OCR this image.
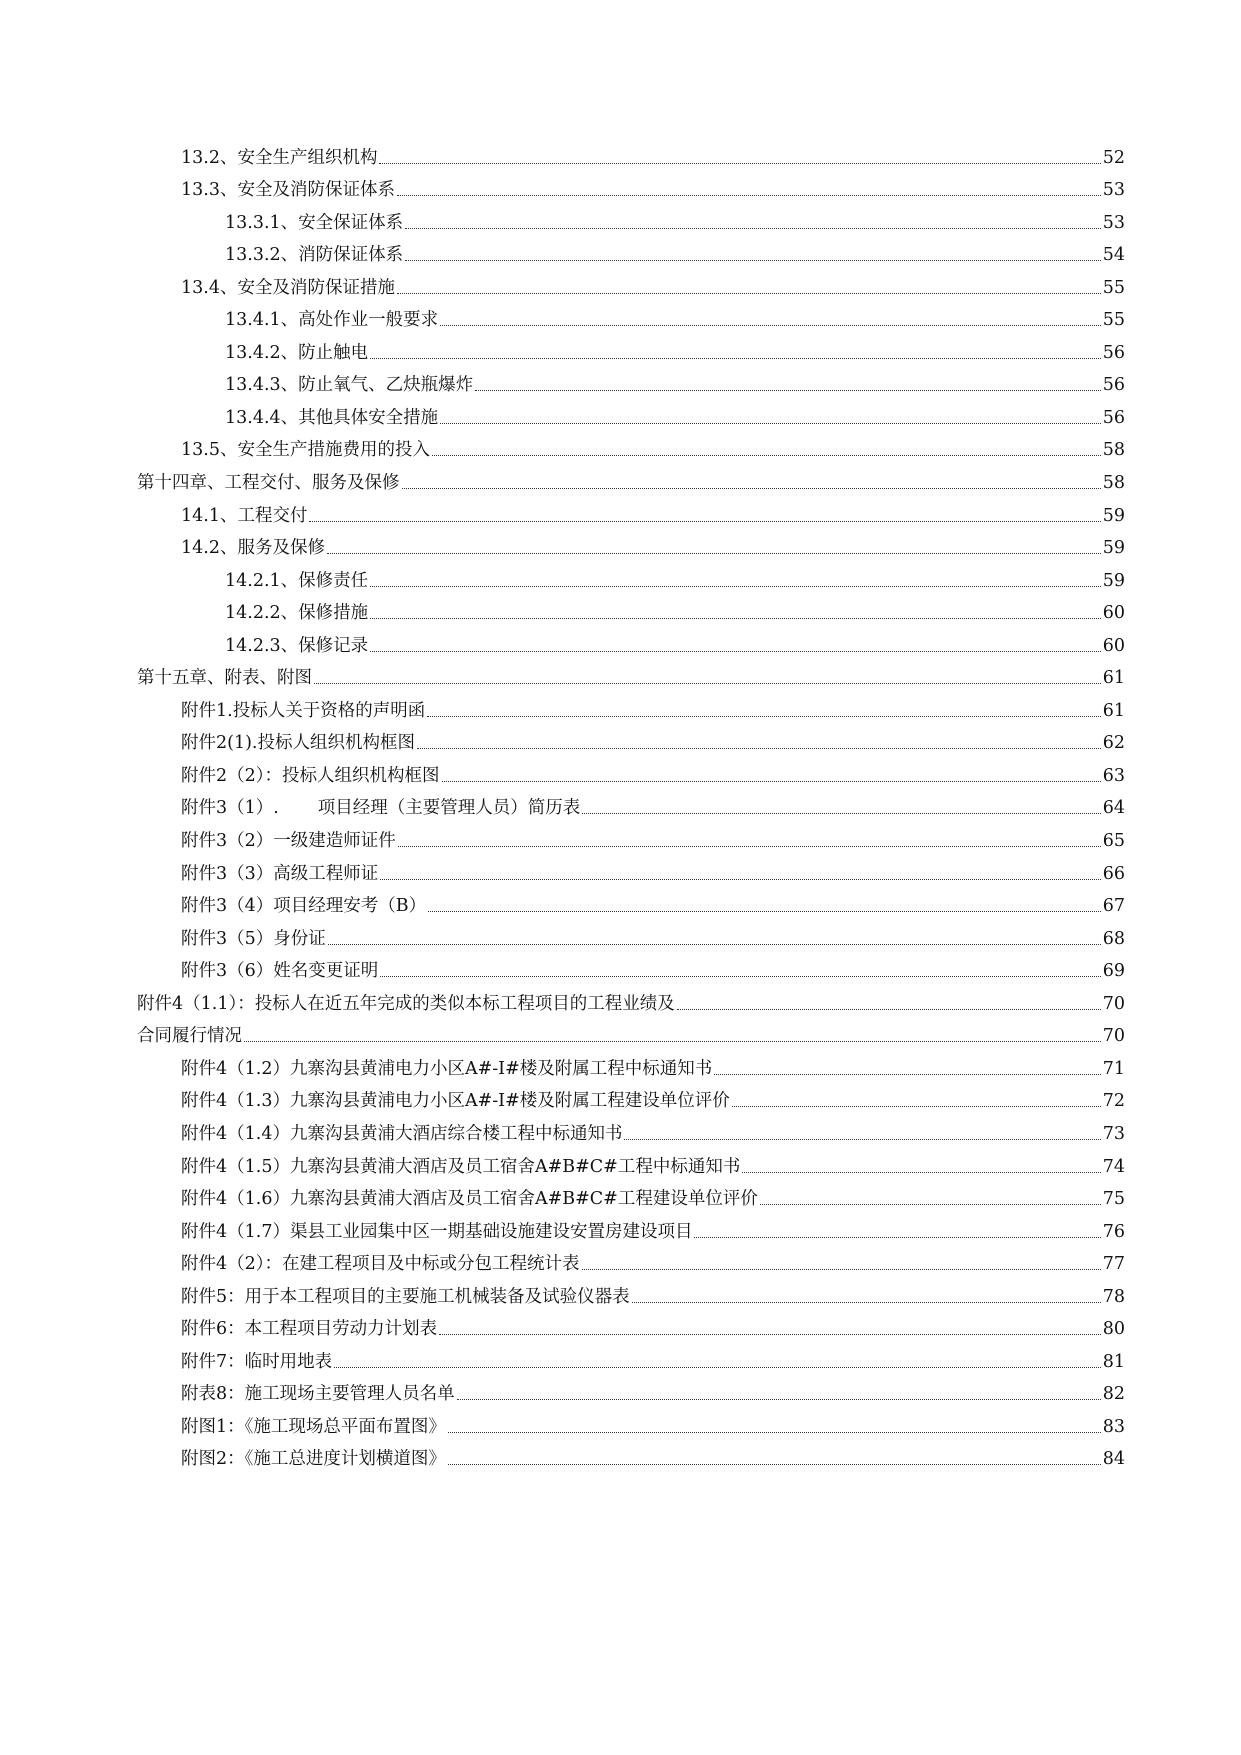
13.2、安全生产组织机构	52
13.3、安全及消防保证体系	53
13.3.1、安全保证体系	53
13.3.2、消防保证体系	54
13.4、安全及消防保证措施	55
13.4.1、高处作业一般要求	55
13.4.2、防止触电	56
13.4.3、防止氧气、乙炔瓶爆炸	56
13.4.4、其他具体安全措施	56
13.5、安全生产措施费用的投入	58
第十四章、工程交付、服务及保修	58
14.1、工程交付	59
14.2、服务及保修	59
14.2.1、保修责任	59
14.2.2、保修措施	60
14.2.3、保修记录	60
第十五章、附表、附图	61
附件1.投标人关于资格的声明函	61
附件2(1).投标人组织机构框图	62
附件2（2）：投标人组织机构框图	63
附件3（1）.       项目经理（主要管理人员）简历表	64
附件3（2）一级建造师证件	65
附件3（3）高级工程师证	66
附件3（4）项目经理安考（B）	67
附件3（5）身份证	68
附件3（6）姓名变更证明	69
附件4（1.1）：投标人在近五年完成的类似本标工程项目的工程业绩及	70
合同履行情况	70
附件4（1.2）九寨沟县黄浦电力小区A#-I#楼及附属工程中标通知书	71
附件4（1.3）九寨沟县黄浦电力小区A#-I#楼及附属工程建设单位评价	72
附件4（1.4）九寨沟县黄浦大酒店综合楼工程中标通知书	73
附件4（1.5）九寨沟县黄浦大酒店及员工宿舍A#B#C#工程中标通知书	74
附件4（1.6）九寨沟县黄浦大酒店及员工宿舍A#B#C#工程建设单位评价	75
附件4（1.7）渠县工业园集中区一期基础设施建设安置房建设项目	76
附件4（2）：在建工程项目及中标或分包工程统计表	77
附件5：用于本工程项目的主要施工机械装备及试验仪器表	78
附件6：本工程项目劳动力计划表	80
附件7：临时用地表	81
附表8：施工现场主要管理人员名单	82
附图1：《施工现场总平面布置图》	83
附图2：《施工总进度计划横道图》	84
